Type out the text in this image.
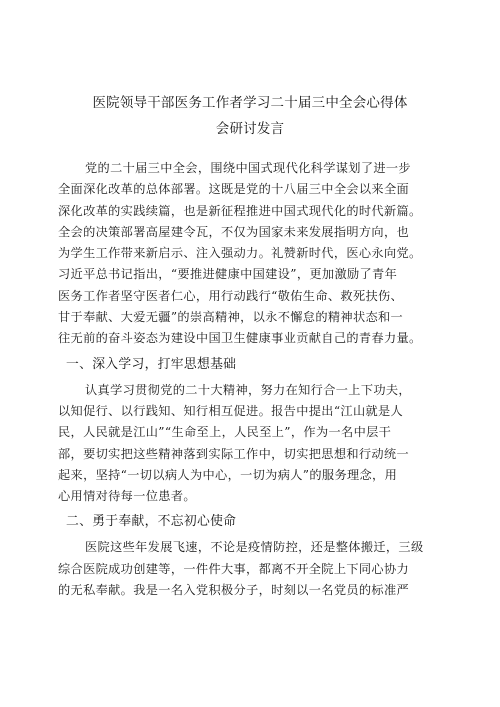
医院领导干部医务工作者学习二十届三中全会心得体
会研讨发言
党的二十届三中全会，围绕中国式现代化科学谋划了进一步
全面深化改革的总体部署。这既是党的十八届三中全会以来全面
深化改革的实践续篇，也是新征程推进中国式现代化的时代新篇。
全会的决策部署高屋建令瓦，不仅为国家未来发展指明方向，也
为学生工作带来新启示、注入强动力。礼赞新时代，医心永向党。
习近平总书记指出，“要推进健康中国建设”，更加激励了青年
医务工作者坚守医者仁心，用行动践行“敬佑生命、救死扶伤、
甘于奉献、大爱无疆”的崇高精神，以永不懈怠的精神状态和一
往无前的奋斗姿态为建设中国卫生健康事业贡献自己的青春力量。
一、深入学习，打牢思想基础
认真学习贯彻党的二十大精神，努力在知行合一上下功夫，
以知促行、以行践知、知行相互促进。报告中提出“江山就是人
民，人民就是江山”“生命至上，人民至上”，作为一名中层干
部，要切实把这些精神落到实际工作中，切实把思想和行动统一
起来，坚持“一切以病人为中心，一切为病人”的服务理念，用
心用情对待每一位患者。
二、勇于奉献，不忘初心使命
医院这些年发展飞速，不论是疫情防控，还是整体搬迁，三级
综合医院成功创建等，一件件大事，都离不开全院上下同心协力
的无私奉献。我是一名入党积极分子，时刻以一名党员的标准严
